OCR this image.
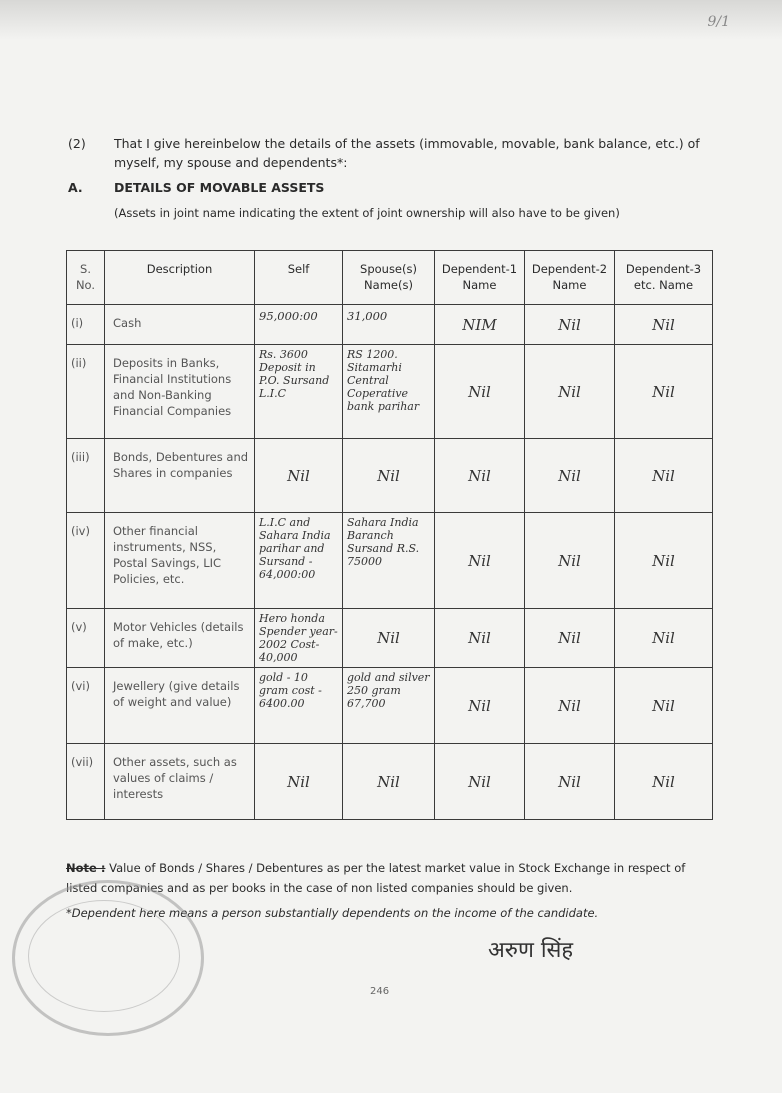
9/1
(2) That I give hereinbelow the details of the assets (immovable, movable, bank balance, etc.) of myself, my spouse and dependents*:
A.	DETAILS OF MOVABLE ASSETS
(Assets in joint name indicating the extent of joint ownership will also have to be given)
S. No.	Description	Self	Spouse(s) Name(s)	Dependent-1 Name	Dependent-2 Name	Dependent-3 etc. Name
(i)	Cash	95,000:00	31,000	NIM	Nil	Nil
(ii)	Deposits in Banks, Financial Institutions and Non-Banking Financial Companies	Rs. 3600 Deposit in P.O. Sursand L.I.C	RS 1200. Sitamarhi Central Coperative bank parihar	Nil	Nil	Nil
(iii)	Bonds, Debentures and Shares in companies	Nil	Nil	Nil	Nil	Nil
(iv)	Other financial instruments, NSS, Postal Savings, LIC Policies, etc.	L.I.C and Sahara India parihar and Sursand - 64,000:00	Sahara India Baranch Sursand R.S. 75000	Nil	Nil	Nil
(v)	Motor Vehicles (details of make, etc.)	Hero honda Spender year-2002 Cost-40,000	Nil	Nil	Nil	Nil
(vi)	Jewellery (give details of weight and value)	gold - 10 gram cost - 6400.00	gold and silver 250 gram 67,700	Nil	Nil	Nil
(vii)	Other assets, such as values of claims / interests	Nil	Nil	Nil	Nil	Nil
Note : Value of Bonds / Shares / Debentures as per the latest market value in Stock Exchange in respect of listed companies and as per books in the case of non listed companies should be given.
*Dependent here means a person substantially dependents on the income of the candidate.
अरुण सिंह
246
